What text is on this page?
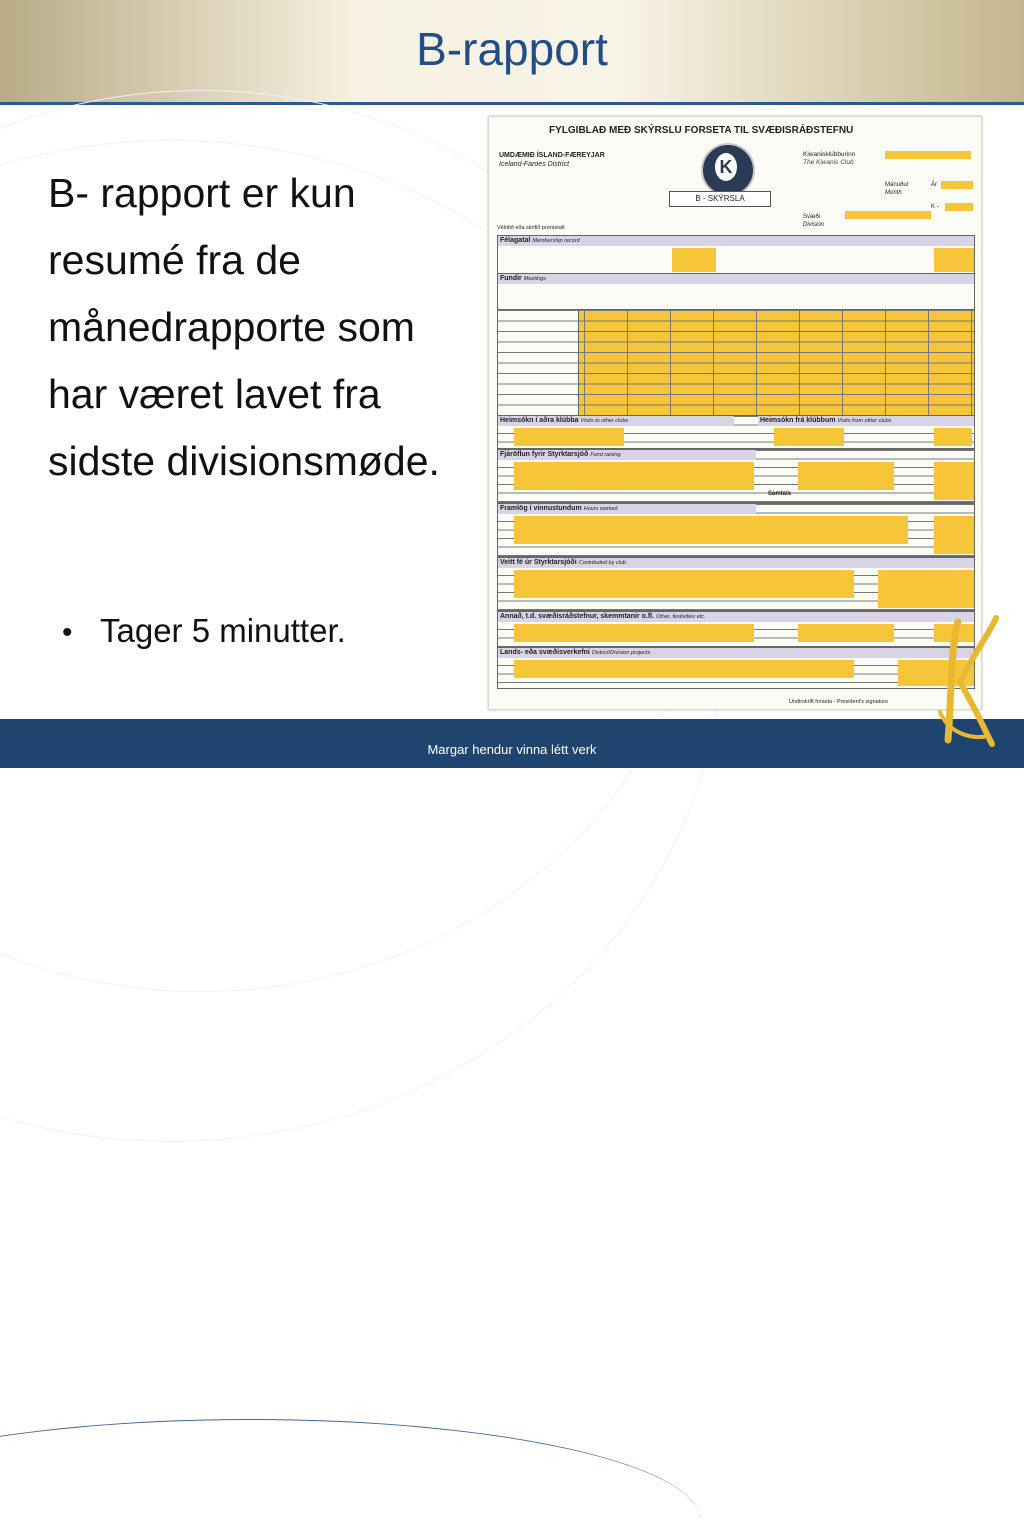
B-rapport
B- rapport er kun resumé fra de månedrapporte som har været lavet fra sidste divisionsmøde.
• Tager 5 minutter.
FYLGIBLAÐ MEÐ SKÝRSLU FORSETA TIL SVÆÐISRÁÐSTEFNU
UMDÆMIÐ ÍSLAND-FÆREYJAR
Iceland-Faroes District	K
B - SKÝRSLA
Kiwanisklúbburinn
The Kiwanis Club
Mánuður
Month
Ár
K -
Svæði
Division
Vélritið eða skrifið prentstafi
Félagatal Membership record
Fundir Meetings
Heimsókn í aðra klúbba Visits to other clubs	Heimsókn frá klúbbum Visits from other clubs
Fjáröflun fyrir Styrktarsjóð Fund raising
Samtals
Framlög í vinnustundum Hours worked
Veitt fé úr Styrktarsjóði Contributed by club
Annað, t.d. svæðisráðstefnur, skemmtanir o.fl. Other, festivities etc.
Lands- eða svæðisverkefni District/Division projects
Undirskrift forseta - President's signature
Margar hendur vinna létt verk
